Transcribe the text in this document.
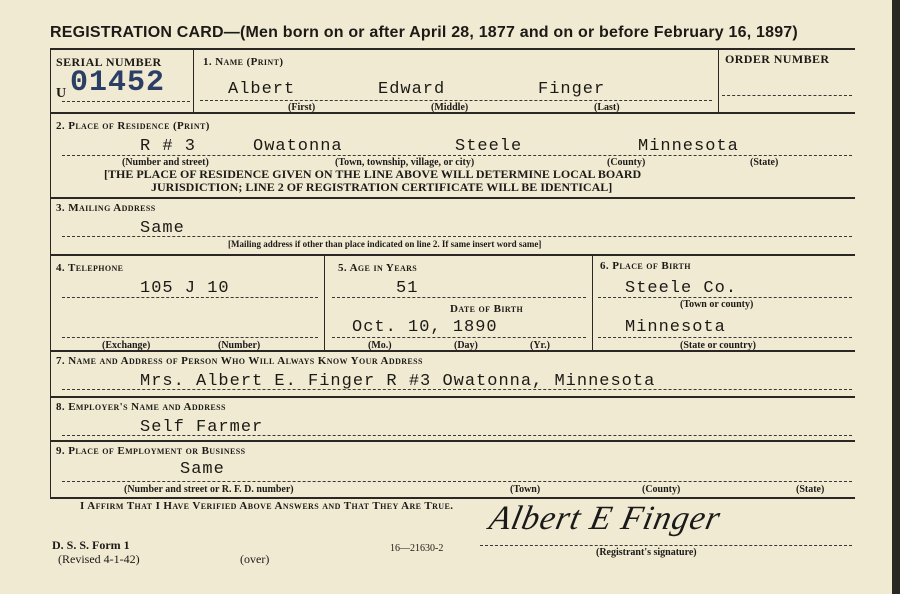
REGISTRATION CARD—(Men born on or after April 28, 1877 and on or before February 16, 1897)
SERIAL NUMBER
U 01452
1. Name (Print)
Albert	Edward	Finger
(First)	(Middle)	(Last)
ORDER NUMBER
2. Place of Residence (Print)
R # 3	Owatonna	Steele	Minnesota
(Number and street)	(Town, township, village, or city)	(County)	(State)
[THE PLACE OF RESIDENCE GIVEN ON THE LINE ABOVE WILL DETERMINE LOCAL BOARD
JURISDICTION; LINE 2 OF REGISTRATION CERTIFICATE WILL BE IDENTICAL]
3. Mailing Address
Same
[Mailing address if other than place indicated on line 2. If same insert word same]
4. Telephone
105 J 10
(Exchange)	(Number)
5. Age in Years
51
Date of Birth
Oct. 10, 1890
(Mo.)	(Day)	(Yr.)
6. Place of Birth
Steele Co.
(Town or county)
Minnesota
(State or country)
7. Name and Address of Person Who Will Always Know Your Address
Mrs. Albert E. Finger R #3 Owatonna, Minnesota
8. Employer's Name and Address
Self Farmer
9. Place of Employment or Business
Same
(Number and street or R. F. D. number)	(Town)	(County)	(State)
I Affirm That I Have Verified Above Answers and That They Are True. Albert E Finger
(Registrant's signature)
D. S. S. Form 1
(Revised 4-1-42)	(over)
16—21630-2
